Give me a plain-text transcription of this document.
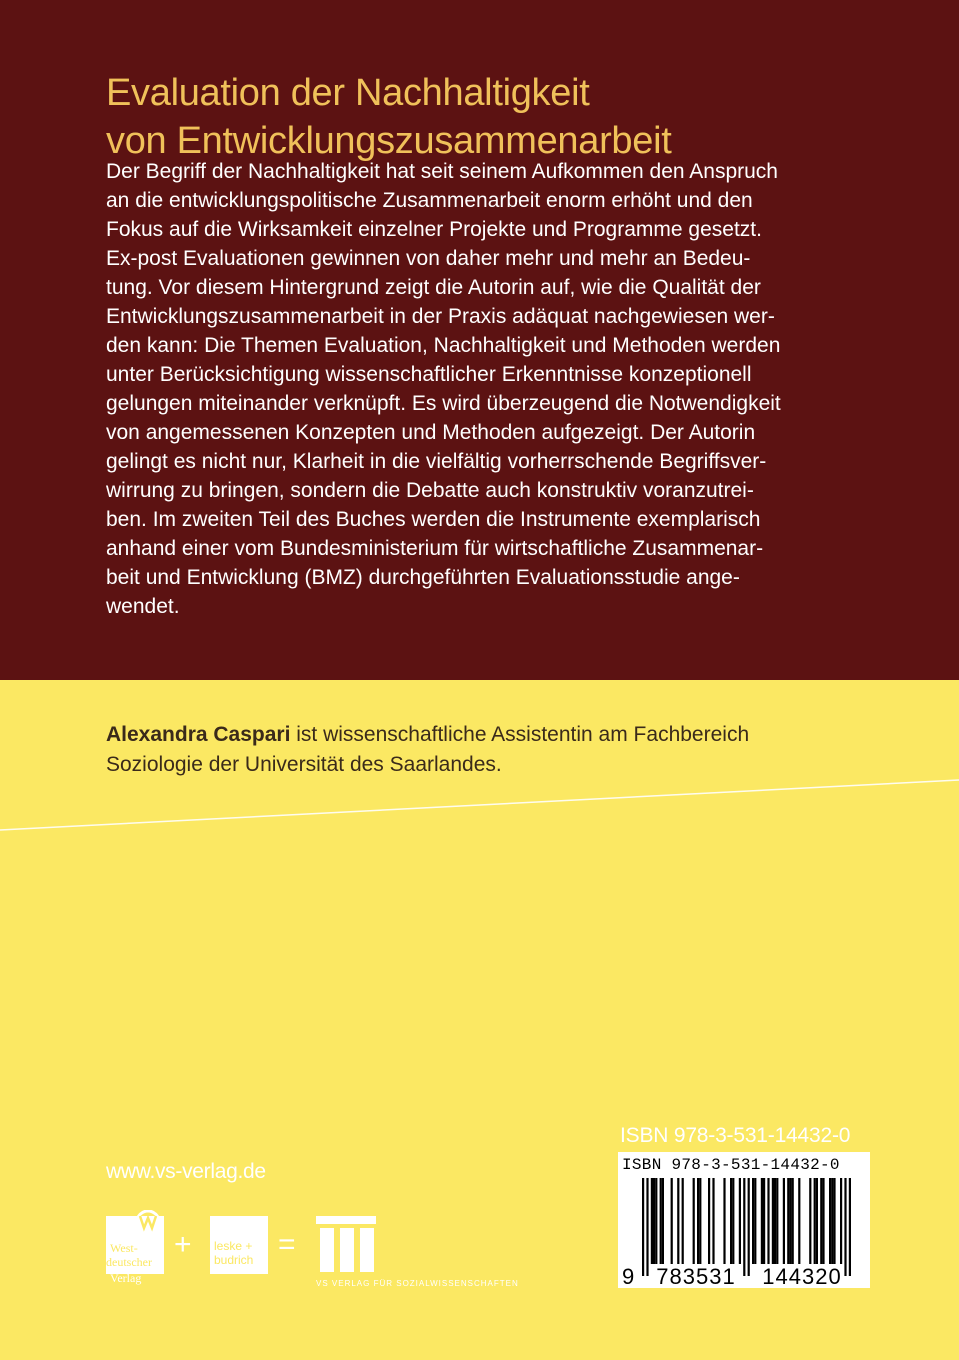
Evaluation der Nachhaltigkeit
von Entwicklungszusammenarbeit
Der Begriff der Nachhaltigkeit hat seit seinem Aufkommen den Anspruch
an die entwicklungspolitische Zusammenarbeit enorm erhöht und den
Fokus auf die Wirksamkeit einzelner Projekte und Programme gesetzt.
Ex-post Evaluationen gewinnen von daher mehr und mehr an Bedeu-
tung. Vor diesem Hintergrund zeigt die Autorin auf, wie die Qualität der
Entwicklungszusammenarbeit in der Praxis adäquat nachgewiesen wer-
den kann: Die Themen Evaluation, Nachhaltigkeit und Methoden werden
unter Berücksichtigung wissenschaftlicher Erkenntnisse konzeptionell
gelungen miteinander verknüpft. Es wird überzeugend die Notwendigkeit
von angemessenen Konzepten und Methoden aufgezeigt. Der Autorin
gelingt es nicht nur, Klarheit in die vielfältig vorherrschende Begriffsver-
wirrung zu bringen, sondern die Debatte auch konstruktiv voranzutrei-
ben. Im zweiten Teil des Buches werden die Instrumente exemplarisch
anhand einer vom Bundesministerium für wirtschaftliche Zusammenar-
beit und Entwicklung (BMZ) durchgeführten Evaluationsstudie ange-
wendet.
Alexandra Caspari ist wissenschaftliche Assistentin am Fachbereich
Soziologie der Universität des Saarlandes.
www.vs-verlag.de
West-
deutscher
Verlag
+ leske +
budrich =
VS VERLAG FÜR SOZIALWISSENSCHAFTEN
ISBN 978-3-531-14432-0
ISBN 978-3-531-14432-0
9	783531	144320
